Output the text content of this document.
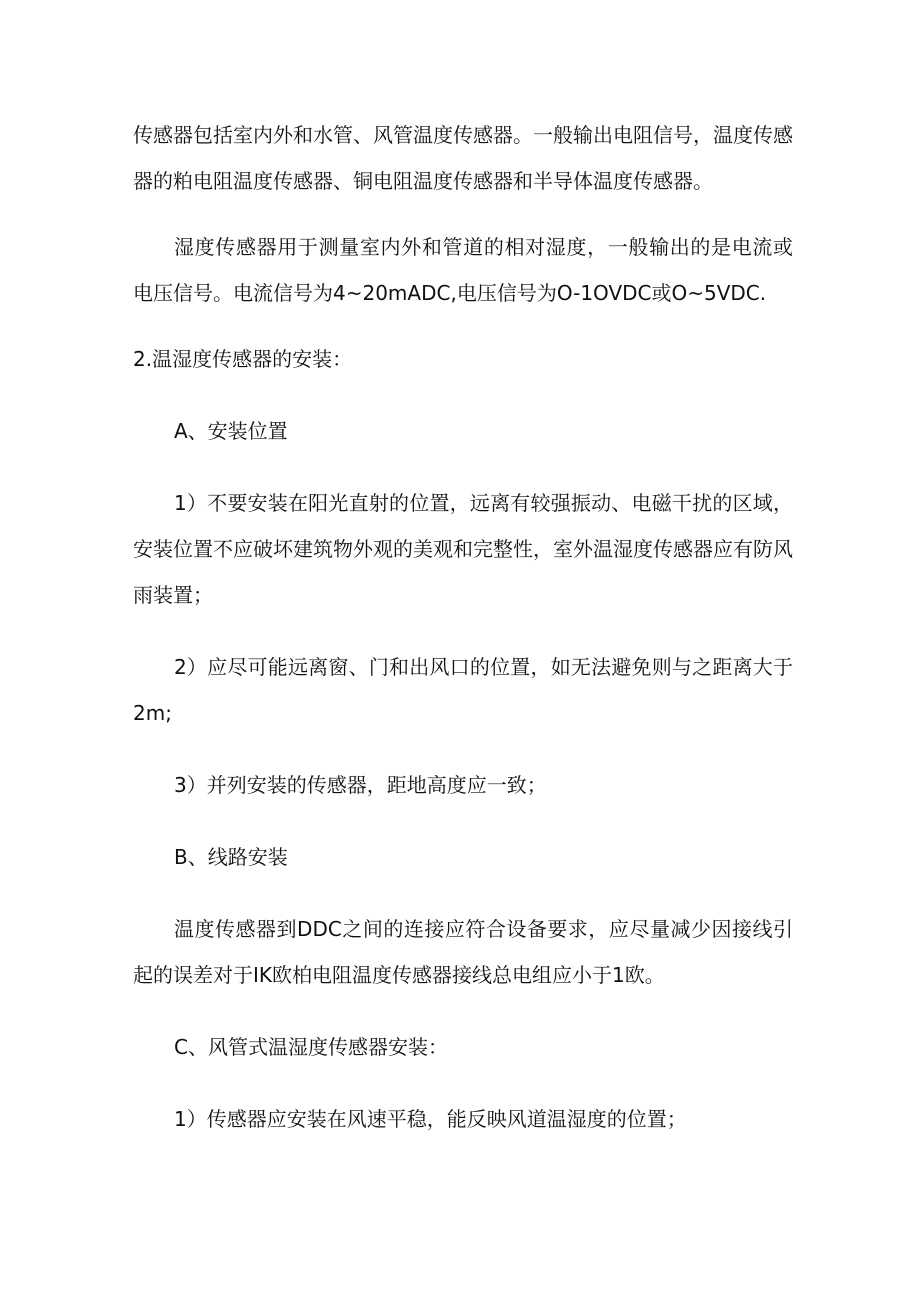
传感器包括室内外和水管、风管温度传感器。一般输出电阻信号，温度传感器的粕电阻温度传感器、铜电阻温度传感器和半导体温度传感器。

湿度传感器用于测量室内外和管道的相对湿度，一般输出的是电流或电压信号。电流信号为4~20mADC,电压信号为O-1OVDC或O~5VDC.

2.温湿度传感器的安装：

A、安装位置

1）不要安装在阳光直射的位置，远离有较强振动、电磁干扰的区域，安装位置不应破坏建筑物外观的美观和完整性，室外温湿度传感器应有防风雨装置；

2）应尽可能远离窗、门和出风口的位置，如无法避免则与之距离大于2m;

3）并列安装的传感器，距地高度应一致；

B、线路安装

温度传感器到DDC之间的连接应符合设备要求，应尽量减少因接线引起的误差对于IK欧柏电阻温度传感器接线总电组应小于1欧。

C、风管式温湿度传感器安装：

1）传感器应安装在风速平稳，能反映风道温湿度的位置；
